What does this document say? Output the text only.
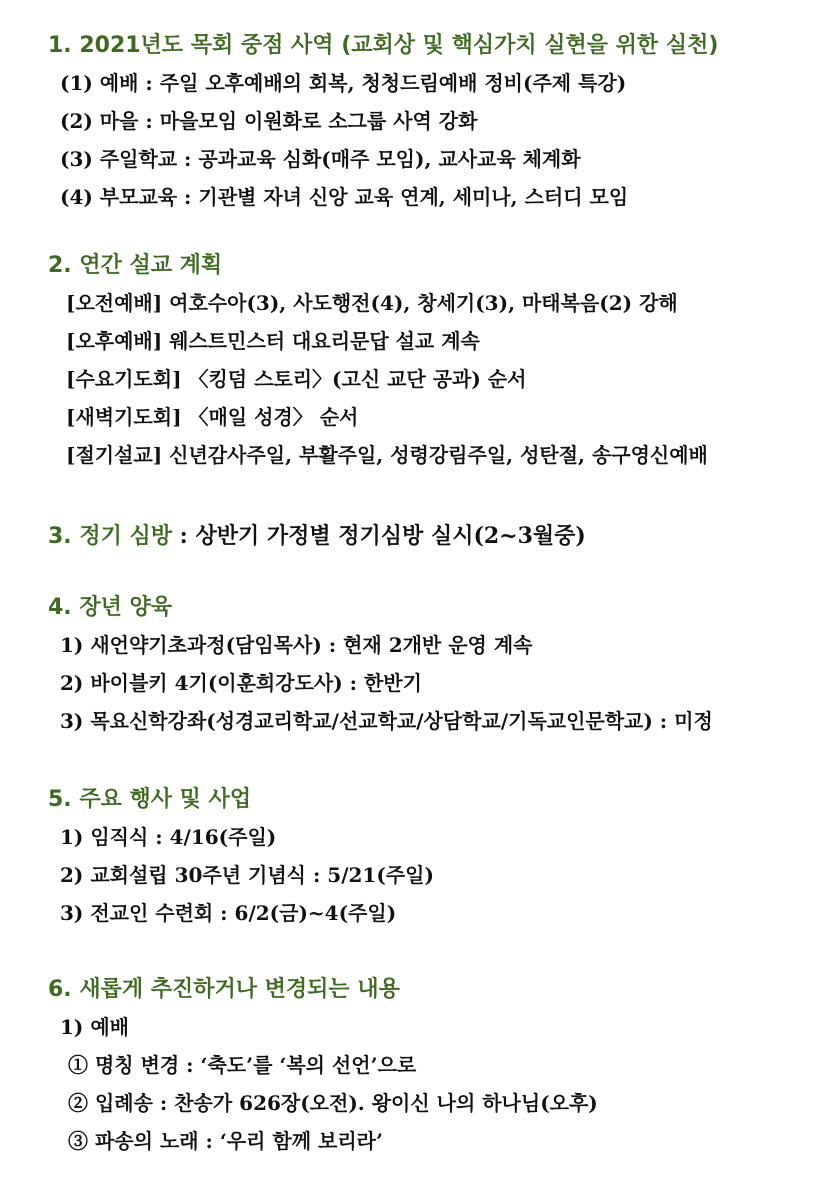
1. 2021년도 목회 중점 사역 (교회상 및 핵심가치 실현을 위한 실천)
(1) 예배 : 주일 오후예배의 회복, 청청드림예배 정비(주제 특강)
(2) 마을 : 마을모임 이원화로 소그룹 사역 강화
(3) 주일학교 : 공과교육 심화(매주 모임), 교사교육 체계화
(4) 부모교육 : 기관별 자녀 신앙 교육 연계, 세미나, 스터디 모임
2. 연간 설교 계획
[오전예배] 여호수아(3), 사도행전(4), 창세기(3), 마태복음(2) 강해
[오후예배] 웨스트민스터 대요리문답 설교 계속
[수요기도회] 〈킹덤 스토리〉(고신 교단 공과) 순서
[새벽기도회] 〈매일 성경〉 순서
[절기설교] 신년감사주일, 부활주일, 성령강림주일, 성탄절, 송구영신예배
3. 정기 심방 : 상반기 가정별 정기심방 실시(2~3월중)
4. 장년 양육
1) 새언약기초과정(담임목사) : 현재 2개반 운영 계속
2) 바이블키 4기(이훈희강도사) : 한반기
3) 목요신학강좌(성경교리학교/선교학교/상담학교/기독교인문학교) : 미정
5. 주요 행사 및 사업
1) 임직식 : 4/16(주일)
2) 교회설립 30주년 기념식 : 5/21(주일)
3) 전교인 수련회 : 6/2(금)~4(주일)
6. 새롭게 추진하거나 변경되는 내용
1) 예배
① 명칭 변경 : ‘축도’를 ‘복의 선언’으로
② 입례송 : 찬송가 626장(오전). 왕이신 나의 하나님(오후)
③ 파송의 노래 : ‘우리 함께 보리라’
